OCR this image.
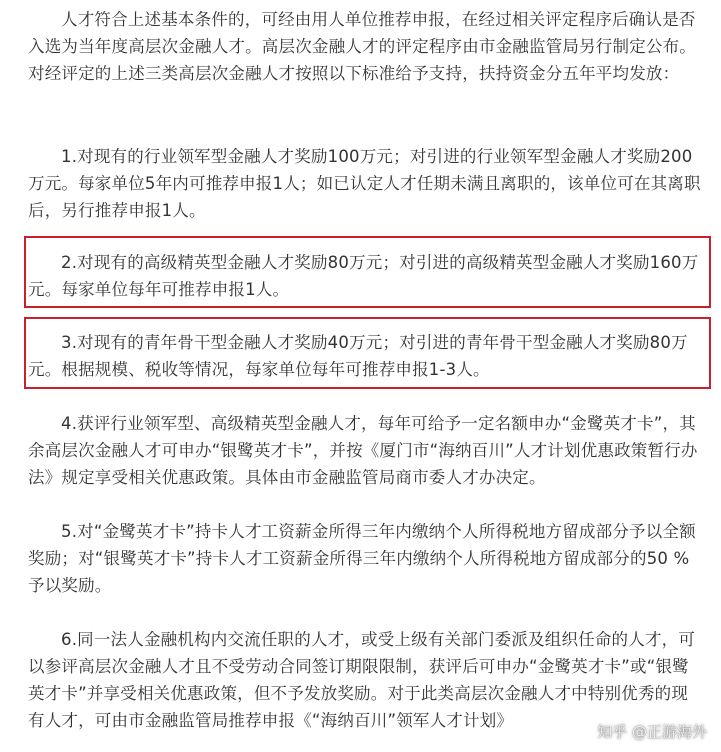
人才符合上述基本条件的，可经由用人单位推荐申报，在经过相关评定程序后确认是否入选为当年度高层次金融人才。高层次金融人才的评定程序由市金融监管局另行制定公布。对经评定的上述三类高层次金融人才按照以下标准给予支持，扶持资金分五年平均发放：

1.对现有的行业领军型金融人才奖励100万元；对引进的行业领军型金融人才奖励200万元。每家单位5年内可推荐申报1人；如已认定人才任期未满且离职的，该单位可在其离职后，另行推荐申报1人。

2.对现有的高级精英型金融人才奖励80万元；对引进的高级精英型金融人才奖励160万元。每家单位每年可推荐申报1人。

3.对现有的青年骨干型金融人才奖励40万元；对引进的青年骨干型金融人才奖励80万元。根据规模、税收等情况，每家单位每年可推荐申报1-3人。

4.获评行业领军型、高级精英型金融人才，每年可给予一定名额申办“金鹭英才卡”，其余高层次金融人才可申办“银鹭英才卡”，并按《厦门市“海纳百川”人才计划优惠政策暂行办法》规定享受相关优惠政策。具体由市金融监管局商市委人才办决定。

5.对“金鹭英才卡”持卡人才工资薪金所得三年内缴纳个人所得税地方留成部分予以全额奖励；对“银鹭英才卡”持卡人才工资薪金所得三年内缴纳个人所得税地方留成部分的50 %予以奖励。

6.同一法人金融机构内交流任职的人才，或受上级有关部门委派及组织任命的人才，可以参评高层次金融人才且不受劳动合同签订期限限制，获评后可申办“金鹭英才卡”或“银鹭英才卡”并享受相关优惠政策，但不予发放奖励。对于此类高层次金融人才中特别优秀的现有人才，可由市金融监管局推荐申报《“海纳百川”领军人才计划》

知乎 @正游海外
